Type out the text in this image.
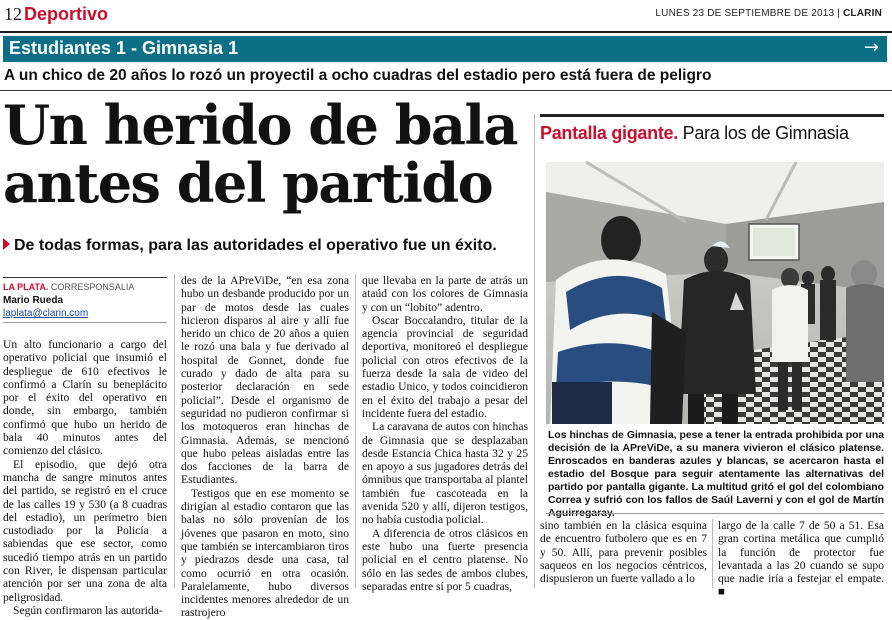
12 Deportivo	LUNES 23 DE SEPTIEMBRE DE 2013 | CLARIN
Estudiantes 1 - Gimnasia 1	→
A un chico de 20 años lo rozó un proyectil a ocho cuadras del estadio pero está fuera de peligro
Un herido de bala
antes del partido
De todas formas, para las autoridades el operativo fue un éxito.
LA PLATA. CORRESPONSALIA
Mario Rueda
laplata@clarin.com

Un alto funcionario a cargo del operativo policial que insumió el despliegue de 610 efectivos le confirmó a Clarín su beneplácito por el éxito del operativo en donde, sin embargo, también confirmó que hubo un herido de bala 40 minutos antes del comienzo del clásico.

El episodio, que dejó otra mancha de sangre minutos antes del partido, se registró en el cruce de las calles 19 y 530 (a 8 cuadras del estadio), un perímetro bien custodiado por la Policía a sabiendas que ese sector, como sucedió tiempo atrás en un partido con River, le dispensan particular atención por ser una zona de alta peligrosidad.

Según confirmaron las autorida-

des de la APreViDe, “en esa zona hubo un desbande producido por un par de motos desde las cuales hicieron disparos al aire y allí fue herido un chico de 20 años a quien le rozó una bala y fue derivado al hospital de Gonnet, donde fue curado y dado de alta para su posterior declaración en sede policial”. Desde el organismo de seguridad no pudieron confirmar si los motoqueros eran hinchas de Gimnasia. Además, se mencionó que hubo peleas aisladas entre las dos facciones de la barra de Estudiantes.

Testigos que en ese momento se dirigían al estadio contaron que las balas no sólo provenían de los jóvenes que pasaron en moto, sino que también se intercambiaron tiros y piedrazos desde una casa, tal como ocurrió en otra ocasión. Paralelamente, hubo diversos incidentes menores alrededor de un rastrojero

que llevaba en la parte de atrás un ataúd con los colores de Gimnasia y con un “lobito” adentro.

Oscar Boccalandro, titular de la agencia provincial de seguridad deportiva, monitoreó el despliegue policial con otros efectivos de la fuerza desde la sala de video del estadio Unico, y todos coincidieron en el éxito del trabajo a pesar del incidente fuera del estadio.

La caravana de autos con hinchas de Gimnasia que se desplazaban desde Estancia Chica hasta 32 y 25 en apoyo a sus jugadores detrás del ómnibus que transportaba al plantel también fue cascoteada en la avenida 520 y allí, dijeron testigos, no había custodia policial.

A diferencia de otros clásicos en este hubo una fuerte presencia policial en el centro platense. No sólo en las sedes de ambos clubes, separadas entre sí por 5 cuadras,

sino también en la clásica esquina de encuentro futbolero que es en 7 y 50. Allí, para prevenir posibles saqueos en los negocios céntricos, dispusieron un fuerte vallado a lo

largo de la calle 7 de 50 a 51. Esa gran cortina metálica que cumplió la función de protector fue levantada a las 20 cuando se supo que nadie iría a festejar el empate. ■

Pantalla gigante. Para los de Gimnasia
Los hinchas de Gimnasia, pese a tener la entrada prohibida por una decisión de la APreViDe, a su manera vivieron el clásico platense. Enroscados en banderas azules y blancas, se acercaron hasta el estadio del Bosque para seguir atentamente las alternativas del partido por pantalla gigante. La multitud gritó el gol del colombiano Correa y sufrió con los fallos de Saúl Laverni y con el gol de Martín
